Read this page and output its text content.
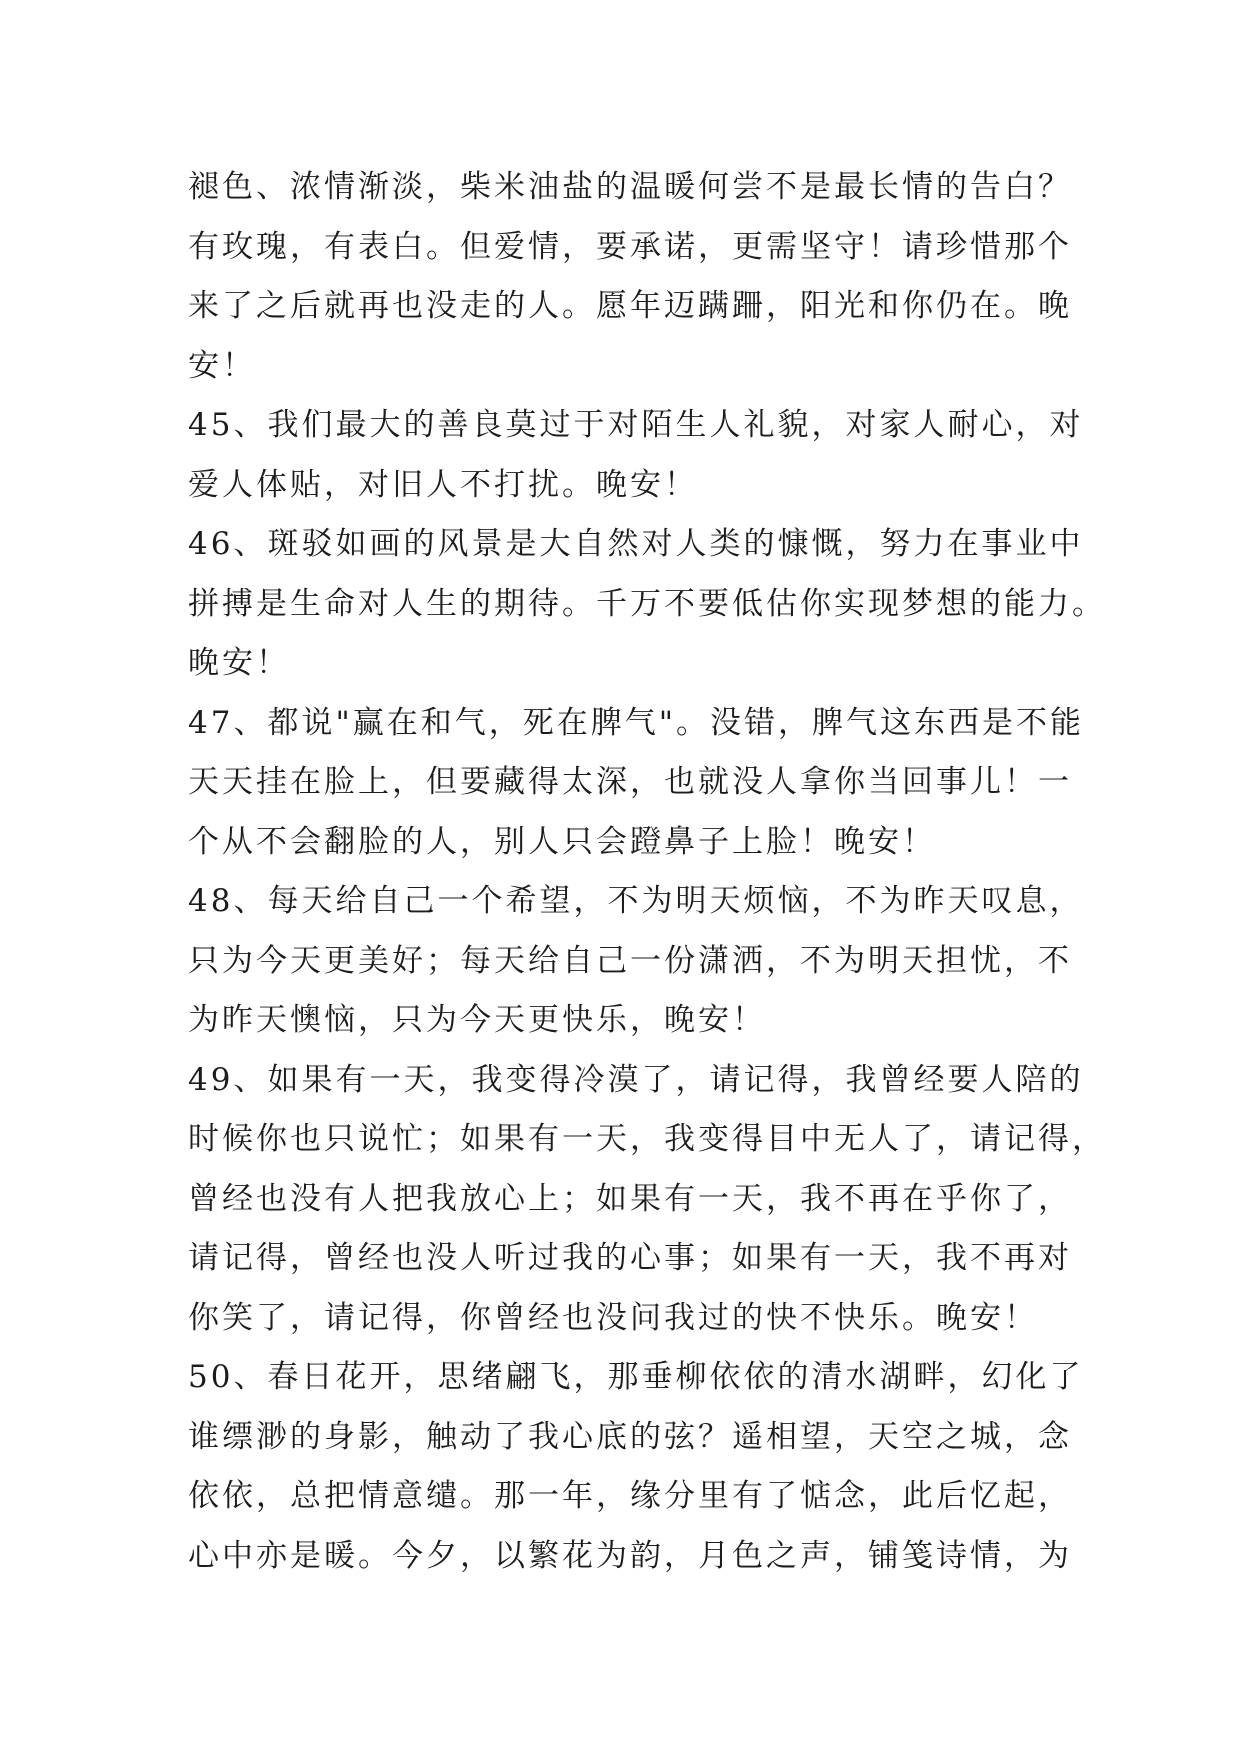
褪色、浓情渐淡，柴米油盐的温暖何尝不是最长情的告白？
有玫瑰，有表白。但爱情，要承诺，更需坚守！请珍惜那个
来了之后就再也没走的人。愿年迈蹒跚，阳光和你仍在。晚
安！
45、我们最大的善良莫过于对陌生人礼貌，对家人耐心，对
爱人体贴，对旧人不打扰。晚安！
46、斑驳如画的风景是大自然对人类的慷慨，努力在事业中
拼搏是生命对人生的期待。千万不要低估你实现梦想的能力。
晚安！
47、都说"赢在和气，死在脾气"。没错，脾气这东西是不能
天天挂在脸上，但要藏得太深，也就没人拿你当回事儿！一
个从不会翻脸的人，别人只会蹬鼻子上脸！晚安！
48、每天给自己一个希望，不为明天烦恼，不为昨天叹息，
只为今天更美好；每天给自己一份潇洒，不为明天担忧，不
为昨天懊恼，只为今天更快乐，晚安！
49、如果有一天，我变得冷漠了，请记得，我曾经要人陪的
时候你也只说忙；如果有一天，我变得目中无人了，请记得，
曾经也没有人把我放心上；如果有一天，我不再在乎你了，
请记得，曾经也没人听过我的心事；如果有一天，我不再对
你笑了，请记得，你曾经也没问我过的快不快乐。晚安！
50、春日花开，思绪翩飞，那垂柳依依的清水湖畔，幻化了
谁缥渺的身影，触动了我心底的弦？遥相望，天空之城，念
依依，总把情意缱。那一年，缘分里有了惦念，此后忆起，
心中亦是暖。今夕，以繁花为韵，月色之声，铺笺诗情，为
